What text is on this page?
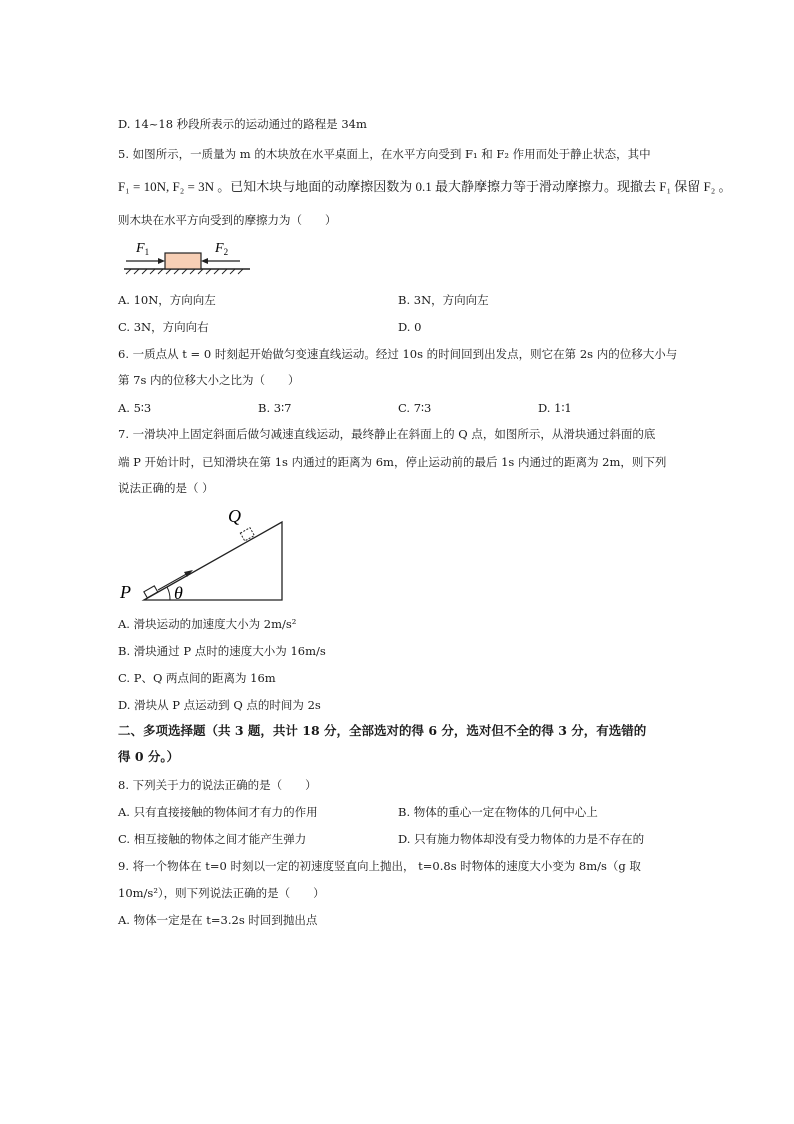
D. 14~18 秒段所表示的运动通过的路程是 34m
5. 如图所示，一质量为 m 的木块放在水平桌面上，在水平方向受到 F₁ 和 F₂ 作用而处于静止状态，其中
F₁ = 10N, F₂ = 3N 。已知木块与地面的动摩擦因数为 0.1 最大静摩擦力等于滑动摩擦力。现撤去 F₁ 保留 F₂ 。
则木块在水平方向受到的摩擦力为（　　）
$F_1$	$F_2$
A. 10N，方向向左	B. 3N，方向向左
C. 3N，方向向右	D. 0
6. 一质点从 t = 0 时刻起开始做匀变速直线运动。经过 10s 的时间回到出发点，则它在第 2s 内的位移大小与
第 7s 内的位移大小之比为（　　）
A. 5∶3	B. 3∶7	C. 7∶3	D. 1∶1
7. 一滑块冲上固定斜面后做匀减速直线运动，最终静止在斜面上的 Q 点，如图所示，从滑块通过斜面的底
端 P 开始计时，已知滑块在第 1s 内通过的距离为 6m，停止运动前的最后 1s 内通过的距离为 2m，则下列
说法正确的是（ ）
P
Q
θ
A. 滑块运动的加速度大小为 2m/s²
B. 滑块通过 P 点时的速度大小为 16m/s
C. P、Q 两点间的距离为 16m
D. 滑块从 P 点运动到 Q 点的时间为 2s
二、多项选择题（共 3 题，共计 18 分，全部选对的得 6 分，选对但不全的得 3 分，有选错的
得 0 分。）
8. 下列关于力的说法正确的是（　　）
A. 只有直接接触的物体间才有力的作用	B. 物体的重心一定在物体的几何中心上
C. 相互接触的物体之间才能产生弹力	D. 只有施力物体却没有受力物体的力是不存在的
9. 将一个物体在 t=0 时刻以一定的初速度竖直向上抛出， t=0.8s 时物体的速度大小变为 8m/s（g 取
10m/s²），则下列说法正确的是（　　）
A. 物体一定是在 t=3.2s 时回到抛出点
